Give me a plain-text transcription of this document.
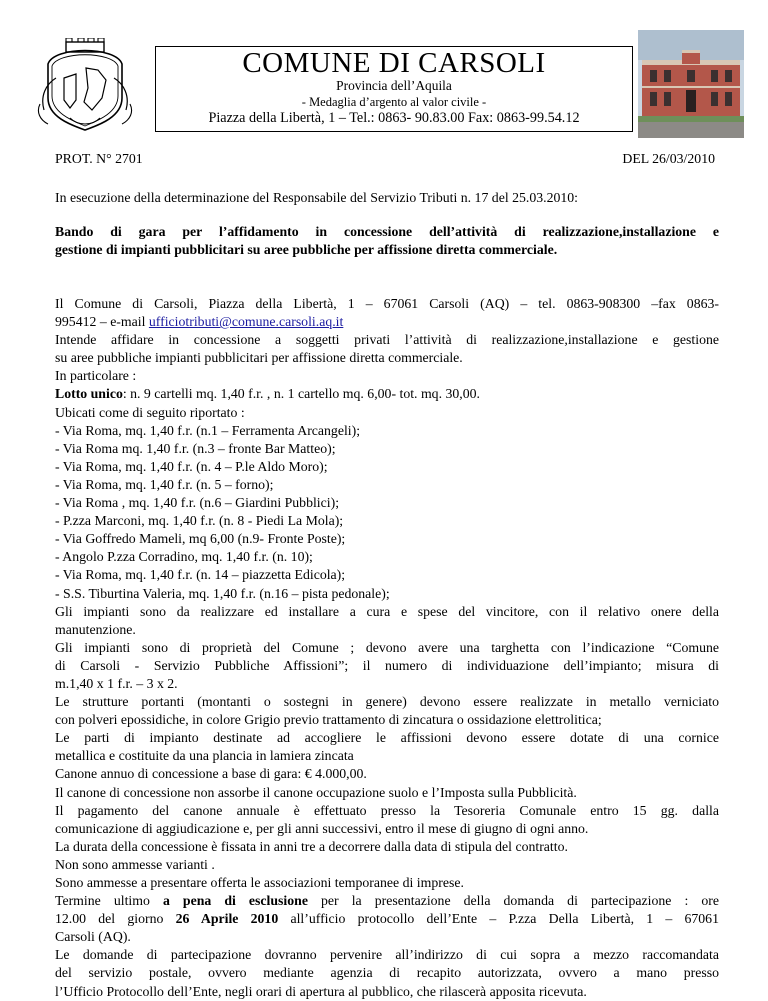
COMUNE DI CARSOLI
Provincia dell’Aquila
- Medaglia d’argento al valor civile -
Piazza della Libertà, 1 – Tel.: 0863- 90.83.00 Fax: 0863-99.54.12
PROT. N° 2701	DEL 26/03/2010
In esecuzione della determinazione del Responsabile del Servizio Tributi n. 17 del 25.03.2010:

Bando di gara per l’affidamento in concessione dell’attività di realizzazione,installazione e

gestione di impianti pubblicitari su aree pubbliche per affissione diretta commerciale.

Il Comune di Carsoli, Piazza della Libertà, 1 – 67061 Carsoli (AQ) – tel. 0863-908300 –fax 0863-

995412 – e-mail ufficiotributi@comune.carsoli.aq.it

Intende affidare in concessione a soggetti privati l’attività di realizzazione,installazione e gestione

su aree pubbliche impianti pubblicitari per affissione diretta commerciale.

In particolare :

Lotto unico: n. 9 cartelli mq. 1,40 f.r. , n. 1 cartello mq. 6,00- tot. mq. 30,00.

Ubicati come di seguito riportato :

- Via Roma, mq. 1,40 f.r. (n.1 – Ferramenta Arcangeli);

- Via Roma mq. 1,40 f.r. (n.3 – fronte Bar Matteo);

- Via Roma, mq. 1,40 f.r. (n. 4 – P.le Aldo Moro);

- Via Roma, mq. 1,40 f.r. (n. 5 – forno);

- Via Roma , mq. 1,40 f.r. (n.6 – Giardini Pubblici);

- P.zza Marconi, mq. 1,40 f.r. (n. 8 - Piedi La Mola);

- Via Goffredo Mameli, mq 6,00 (n.9- Fronte Poste);

- Angolo P.zza Corradino, mq. 1,40 f.r. (n. 10);

- Via Roma, mq. 1,40 f.r. (n. 14 – piazzetta Edicola);

- S.S. Tiburtina Valeria, mq. 1,40 f.r. (n.16 – pista pedonale);

Gli impianti sono da realizzare ed installare a cura e spese del vincitore, con il relativo onere della

manutenzione.

Gli impianti sono di proprietà del Comune ; devono avere una targhetta con l’indicazione “Comune

di Carsoli - Servizio Pubbliche Affissioni”; il numero di individuazione dell’impianto; misura di

m.1,40 x 1 f.r. – 3 x 2.

Le strutture portanti (montanti o sostegni in genere) devono essere realizzate in metallo verniciato

con polveri epossidiche, in colore Grigio previo trattamento di zincatura o ossidazione elettrolitica;

Le parti di impianto destinate ad accogliere le affissioni devono essere dotate di una cornice

metallica e costituite da una plancia in lamiera zincata

Canone annuo di concessione a base di gara: € 4.000,00.

Il canone di concessione non assorbe il canone occupazione suolo e l’Imposta sulla Pubblicità.

Il pagamento del canone annuale è effettuato presso la Tesoreria Comunale entro 15 gg. dalla

comunicazione di aggiudicazione e, per gli anni successivi, entro il mese di giugno di ogni anno.

La durata della concessione è fissata in anni tre a decorrere dalla data di stipula del contratto.

Non sono ammesse varianti .

Sono ammesse a presentare offerta le associazioni temporanee di imprese.

Termine ultimo a pena di esclusione per la presentazione della domanda di partecipazione : ore

12.00 del giorno 26 Aprile 2010 all’ufficio protocollo dell’Ente – P.zza Della Libertà, 1 – 67061

Carsoli (AQ).

Le domande di partecipazione dovranno pervenire all’indirizzo di cui sopra a mezzo raccomandata

del servizio postale, ovvero mediante agenzia di recapito autorizzata, ovvero a mano presso

l’Ufficio Protocollo dell’Ente, negli orari di apertura al pubblico, che rilascerà apposita ricevuta.
